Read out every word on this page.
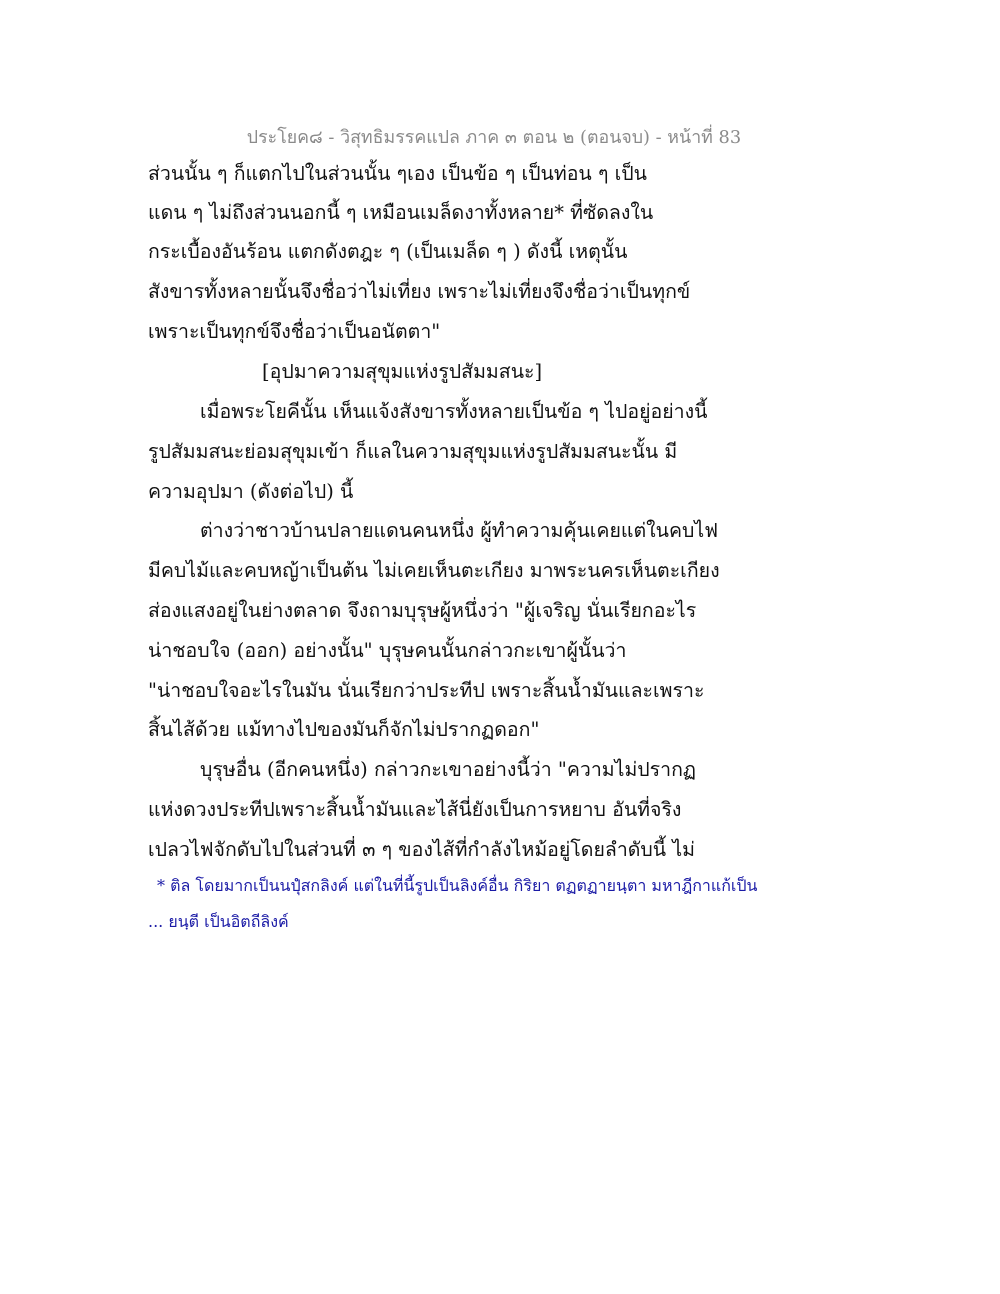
ประโยค๘ - วิสุทธิมรรคแปล ภาค ๓ ตอน ๒ (ตอนจบ) - หน้าที่ 83
ส่วนนั้น ๆ ก็แตกไปในส่วนนั้น ๆเอง เป็นข้อ ๆ เป็นท่อน ๆ เป็น
แดน ๆ ไม่ถึงส่วนนอกนี้ ๆ เหมือนเมล็ดงาทั้งหลาย* ที่ซัดลงใน
กระเบื้องอันร้อน แตกดังตฎะ ๆ (เป็นเมล็ด ๆ ) ดังนี้ เหตุนั้น
สังขารทั้งหลายนั้นจึงชื่อว่าไม่เที่ยง เพราะไม่เที่ยงจึงชื่อว่าเป็นทุกข์
เพราะเป็นทุกข์จึงชื่อว่าเป็นอนัตตา"
[อุปมาความสุขุมแห่งรูปสัมมสนะ]
เมื่อพระโยคีนั้น เห็นแจ้งสังขารทั้งหลายเป็นข้อ ๆ ไปอยู่อย่างนี้
รูปสัมมสนะย่อมสุขุมเข้า ก็แลในความสุขุมแห่งรูปสัมมสนะนั้น มี
ความอุปมา (ดังต่อไป) นี้
ต่างว่าชาวบ้านปลายแดนคนหนึ่ง ผู้ทำความคุ้นเคยแต่ในคบไฟ
มีคบไม้และคบหญ้าเป็นต้น ไม่เคยเห็นตะเกียง มาพระนครเห็นตะเกียง
ส่องแสงอยู่ในย่างตลาด จึงถามบุรุษผู้หนึ่งว่า "ผู้เจริญ นั่นเรียกอะไร
น่าชอบใจ (ออก) อย่างนั้น" บุรุษคนนั้นกล่าวกะเขาผู้นั้นว่า
"น่าชอบใจอะไรในมัน นั่นเรียกว่าประทีป เพราะสิ้นน้ำมันและเพราะ
สิ้นไส้ด้วย แม้ทางไปของมันก็จักไม่ปรากฏดอก"
บุรุษอื่น (อีกคนหนึ่ง) กล่าวกะเขาอย่างนี้ว่า "ความไม่ปรากฏ
แห่งดวงประทีปเพราะสิ้นน้ำมันและไส้นี่ยังเป็นการหยาบ อันที่จริง
เปลวไฟจักดับไปในส่วนที่ ๓ ๆ ของไส้ที่กำลังไหม้อยู่โดยลำดับนี้ ไม่
* ติล โดยมากเป็นนปุํสกลิงค์ แต่ในที่นี้รูปเป็นลิงค์อื่น กิริยา ตฏตฏายนฺตา มหาฎีกาแก้เป็น
... ยนฺตี เป็นอิตถีลิงค์
